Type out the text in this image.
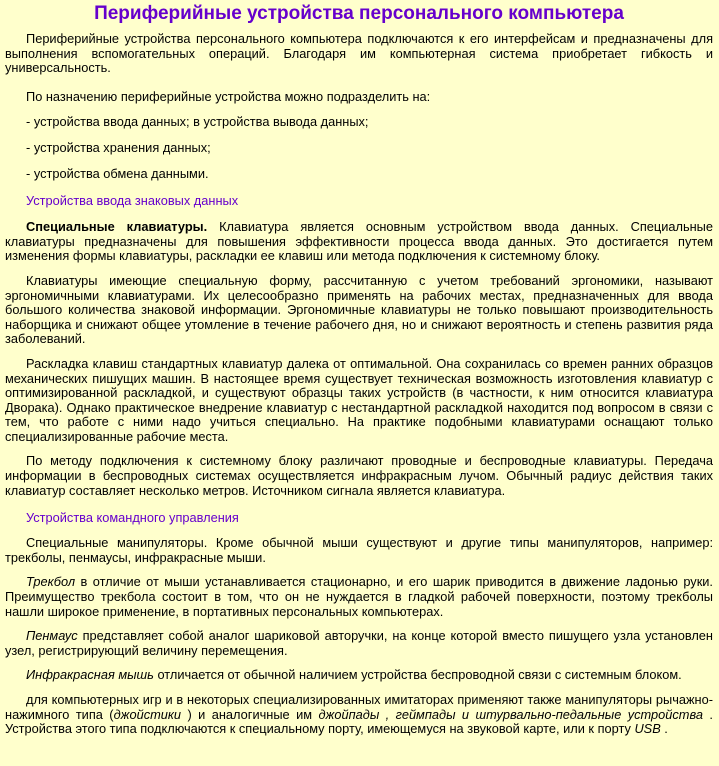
Периферийные устройства персонального компьютера

Периферийные устройства персонального компьютера подключаются к его интерфейсам и предназначены для выполнения вспомогательных операций. Благодаря им компьютерная система приобретает гибкость и универсальность.

По назначению периферийные устройства можно подразделить на:

- устройства ввода данных; в устройства вывода данных;

- устройства хранения данных;

- устройства обмена данными.

Устройства ввода знаковых данных

Специальные клавиатуры. Клавиатура является основным устройством ввода данных. Специальные клавиатуры предназначены для повышения эффективности процесса ввода данных. Это достигается путем изменения формы клавиатуры, раскладки ее клавиш или метода подключения к системному блоку.

Клавиатуры имеющие специальную форму, рассчитанную с учетом требований эргономики, называют эргономичными клавиатурами. Их целесообразно применять на рабочих местах, предназначенных для ввода большого количества знаковой информации. Эргономичные клавиатуры не только повышают производительность наборщика и снижают общее утомление в течение рабочего дня, но и снижают вероятность и степень развития ряда заболеваний.

Раскладка клавиш стандартных клавиатур далека от оптимальной. Она сохранилась со времен ранних образцов механических пишущих машин. В настоящее время существует техническая возможность изготовления клавиатур с оптимизированной раскладкой, и существуют образцы таких устройств (в частности, к ним относится клавиатура Дворака). Однако практическое внедрение клавиатур с нестандартной раскладкой находится под вопросом в связи с тем, что работе с ними надо учиться специально. На практике подобными клавиатурами оснащают только специализированные рабочие места.

По методу подключения к системному блоку различают проводные и беспроводные клавиатуры. Передача информации в беспроводных системах осуществляется инфракрасным лучом. Обычный радиус действия таких клавиатур составляет несколько метров. Источником сигнала является клавиатура.

Устройства командного управления

Специальные манипуляторы. Кроме обычной мыши существуют и другие типы манипуляторов, например: трекболы, пенмаусы, инфракрасные мыши.

Трекбол в отличие от мыши устанавливается стационарно, и его шарик приводится в движение ладонью руки. Преимущество трекбола состоит в том, что он не нуждается в гладкой рабочей поверхности, поэтому трекболы нашли широкое применение, в портативных персональных компьютерах.

Пенмаус представляет собой аналог шариковой авторучки, на конце которой вместо пишущего узла установлен узел, регистрирующий величину перемещения.

Инфракрасная мышь отличается от обычной наличием устройства беспроводной связи с системным блоком.

для компьютерных игр и в некоторых специализированных имитаторах применяют также манипуляторы рычажно-нажимного типа (джойстики ) и аналогичные им джойпады , геймпады и штурвально-педальные устройства . Устройства этого типа подключаются к специальному порту, имеющемуся на звуковой карте, или к порту USB .
